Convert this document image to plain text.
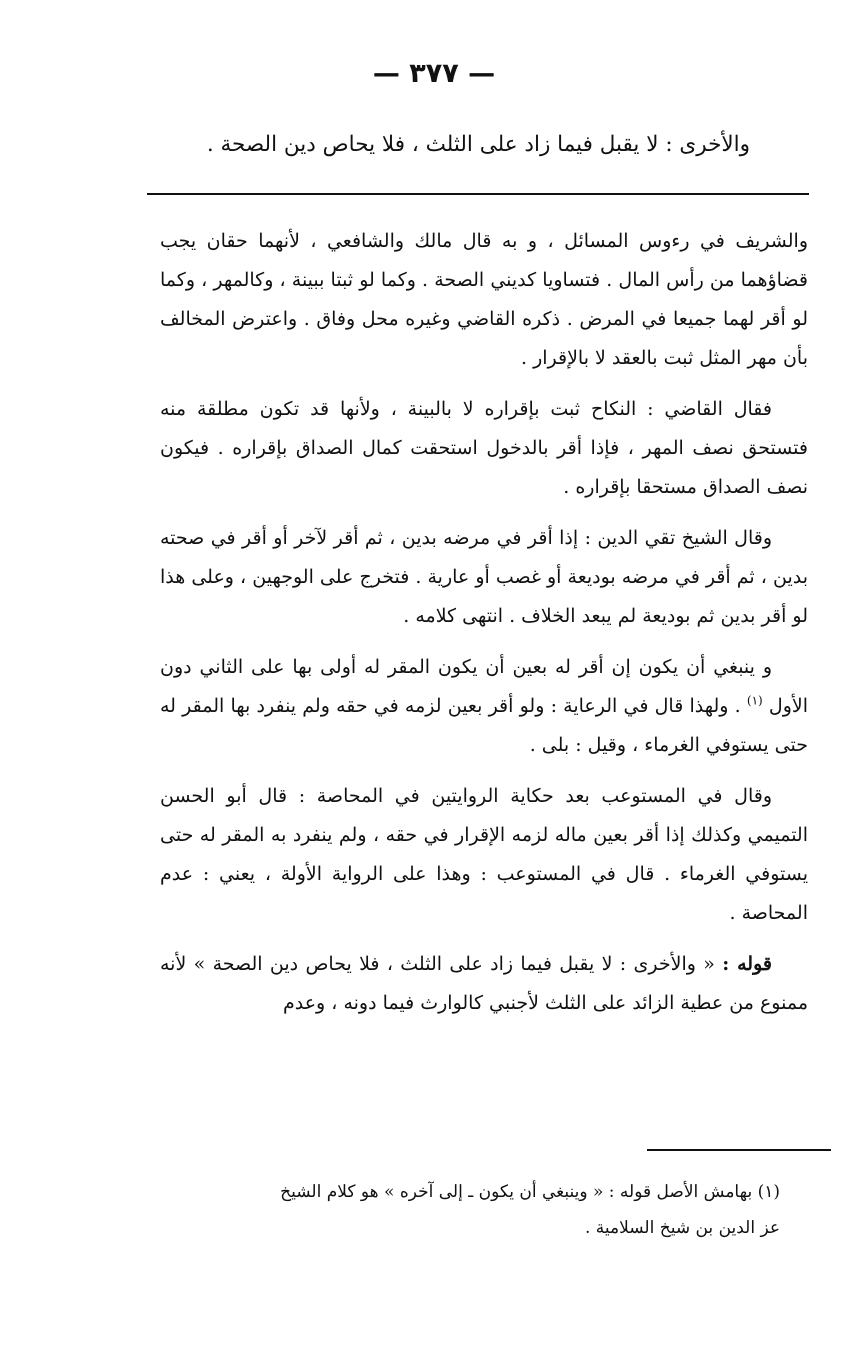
— ٣٧٧ —
والأخرى : لا يقبل فيما زاد على الثلث ، فلا يحاص دين الصحة .

والشريف في رءوس المسائل ، و به قال مالك والشافعي ، لأنهما حقان يجب قضاؤهما من رأس المال . فتساويا كديني الصحة . وكما لو ثبتا ببينة ، وكالمهر ، وكما لو أقر لهما جميعا في المرض . ذكره القاضي وغيره محل وفاق . واعترض المخالف بأن مهر المثل ثبت بالعقد لا بالإقرار .

فقال القاضي : النكاح ثبت بإقراره لا بالبينة ، ولأنها قد تكون مطلقة منه فتستحق نصف المهر ، فإذا أقر بالدخول استحقت كمال الصداق بإقراره . فيكون نصف الصداق مستحقا بإقراره .

وقال الشيخ تقي الدين : إذا أقر في مرضه بدين ، ثم أقر لآخر أو أقر في صحته بدين ، ثم أقر في مرضه بوديعة أو غصب أو عارية . فتخرج على الوجهين ، وعلى هذا لو أقر بدين ثم بوديعة لم يبعد الخلاف . انتهى كلامه .

و ينبغي أن يكون إن أقر له بعين أن يكون المقر له أولى بها على الثاني دون الأول $^{(١)}$ . ولهذا قال في الرعاية : ولو أقر بعين لزمه في حقه ولم ينفرد بها المقر له حتى يستوفي الغرماء ، وقيل : بلى .

وقال في المستوعب بعد حكاية الروايتين في المحاصة : قال أبو الحسن التميمي وكذلك إذا أقر بعين ماله لزمه الإقرار في حقه ، ولم ينفرد به المقر له حتى يستوفي الغرماء . قال في المستوعب : وهذا على الرواية الأولة ، يعني : عدم المحاصة .

قوله : « والأخرى : لا يقبل فيما زاد على الثلث ، فلا يحاص دين الصحة » لأنه ممنوع من عطية الزائد على الثلث لأجنبي كالوارث فيما دونه ، وعدم

(١) بهامش الأصل قوله : « وينبغي أن يكون ـ إلى آخره » هو كلام الشيخ
عز الدين بن شيخ السلامية .
